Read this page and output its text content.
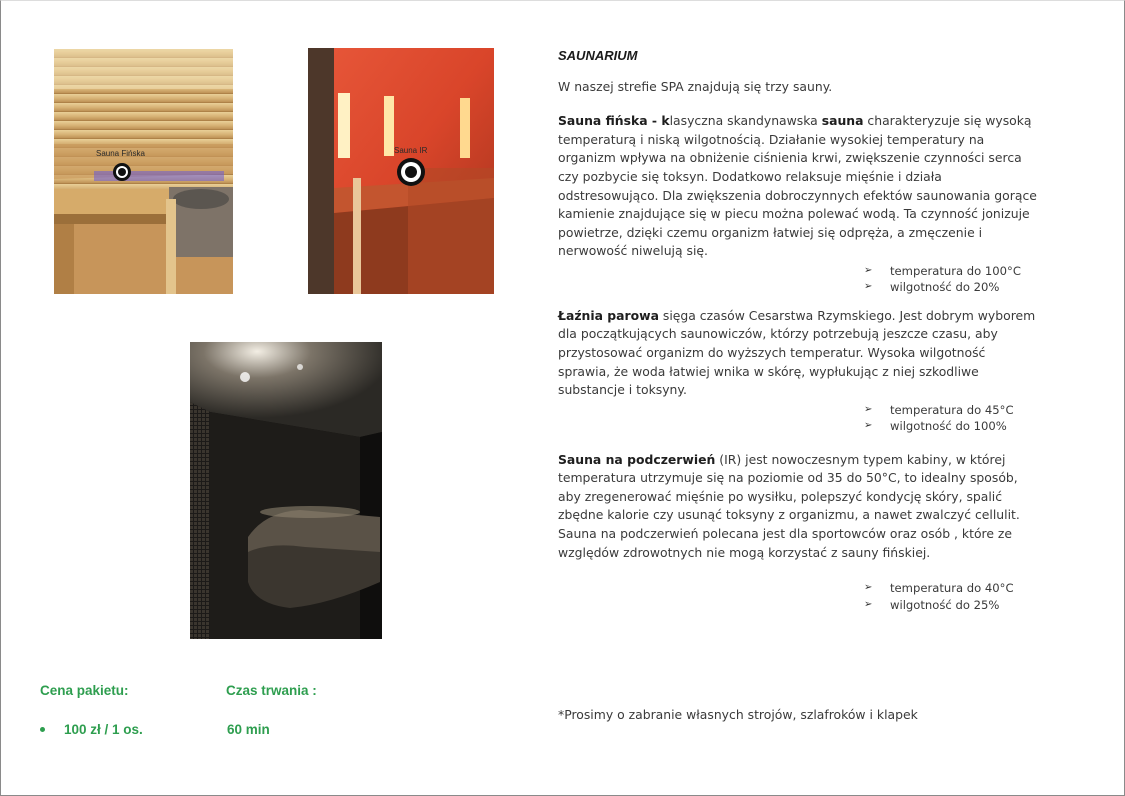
Sauna Fińska	Sauna IR

SAUNARIUM

W naszej strefie SPA znajdują się trzy sauny.

Sauna fińska - klasyczna skandynawska sauna charakteryzuje się wysoką temperaturą i niską wilgotnością. Działanie wysokiej temperatury na organizm wpływa na obniżenie ciśnienia krwi, zwiększenie czynności serca czy pozbycie się toksyn. Dodatkowo relaksuje mięśnie i działa odstresowująco. Dla zwiększenia dobroczynnych efektów saunowania gorące kamienie znajdujące się w piecu można polewać wodą. Ta czynność jonizuje powietrze, dzięki czemu organizm łatwiej się odpręża, a zmęczenie i nerwowość niwelują się.

➢	temperatura do 100°C
➢	wilgotność do 20%

Łaźnia parowa sięga czasów Cesarstwa Rzymskiego. Jest dobrym wyborem dla początkujących saunowiczów, którzy potrzebują jeszcze czasu, aby przystosować organizm do wyższych temperatur. Wysoka wilgotność sprawia, że woda łatwiej wnika w skórę, wypłukując z niej szkodliwe substancje i toksyny.

➢	temperatura do 45°C
➢	wilgotność do 100%

Sauna na podczerwień (IR) jest nowoczesnym typem kabiny, w której temperatura utrzymuje się na poziomie od 35 do 50°C, to idealny sposób, aby zregenerować mięśnie po wysiłku, polepszyć kondycję skóry, spalić zbędne kalorie czy usunąć toksyny z organizmu, a nawet zwalczyć cellulit. Sauna na podczerwień polecana jest dla sportowców oraz osób , które ze względów zdrowotnych nie mogą korzystać z sauny fińskiej.

➢	temperatura do 40°C
➢	wilgotność do 25%
Cena pakietu:	Czas trwania :
100 zł / 1 os.	60 min
*Prosimy o zabranie własnych strojów, szlafroków i klapek
